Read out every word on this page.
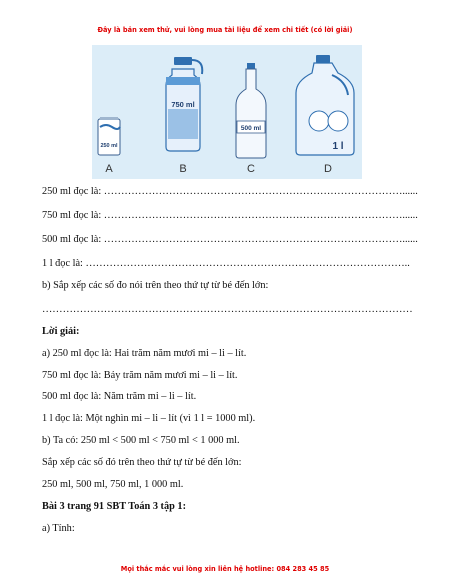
Đây là bản xem thử, vui lòng mua tài liệu để xem chi tiết (có lời giải)
250 ml
750 ml
500 ml
1 l
A	B	C	D
250 ml đọc là: ……………………………………………………………………………......
750 ml đọc là: ……………………………………………………………………………......
500 ml đọc là: ……………………………………………………………………………......
1 l đọc là: …………………………………………………………………………………..
b) Sắp xếp các số đo nói trên theo thứ tự từ bé đến lớn:
………………………………………………………………………………………………
Lời giải:
a) 250 ml đọc là: Hai trăm năm mươi mi – li – lít.
750 ml đọc là: Bảy trăm năm mươi mi – li – lít.
500 ml đọc là: Năm trăm mi – li – lít.
1 l đọc là: Một nghìn mi – li – lít (vì 1 l = 1000 ml).
b) Ta có: 250 ml < 500 ml < 750 ml < 1 000 ml.
Sắp xếp các số đó trên theo thứ tự từ bé đến lớn:
250 ml, 500 ml, 750 ml, 1 000 ml.
Bài 3 trang 91 SBT Toán 3 tập 1:
a) Tính:
Mọi thắc mắc vui lòng xin liên hệ hotline: 084 283 45 85
